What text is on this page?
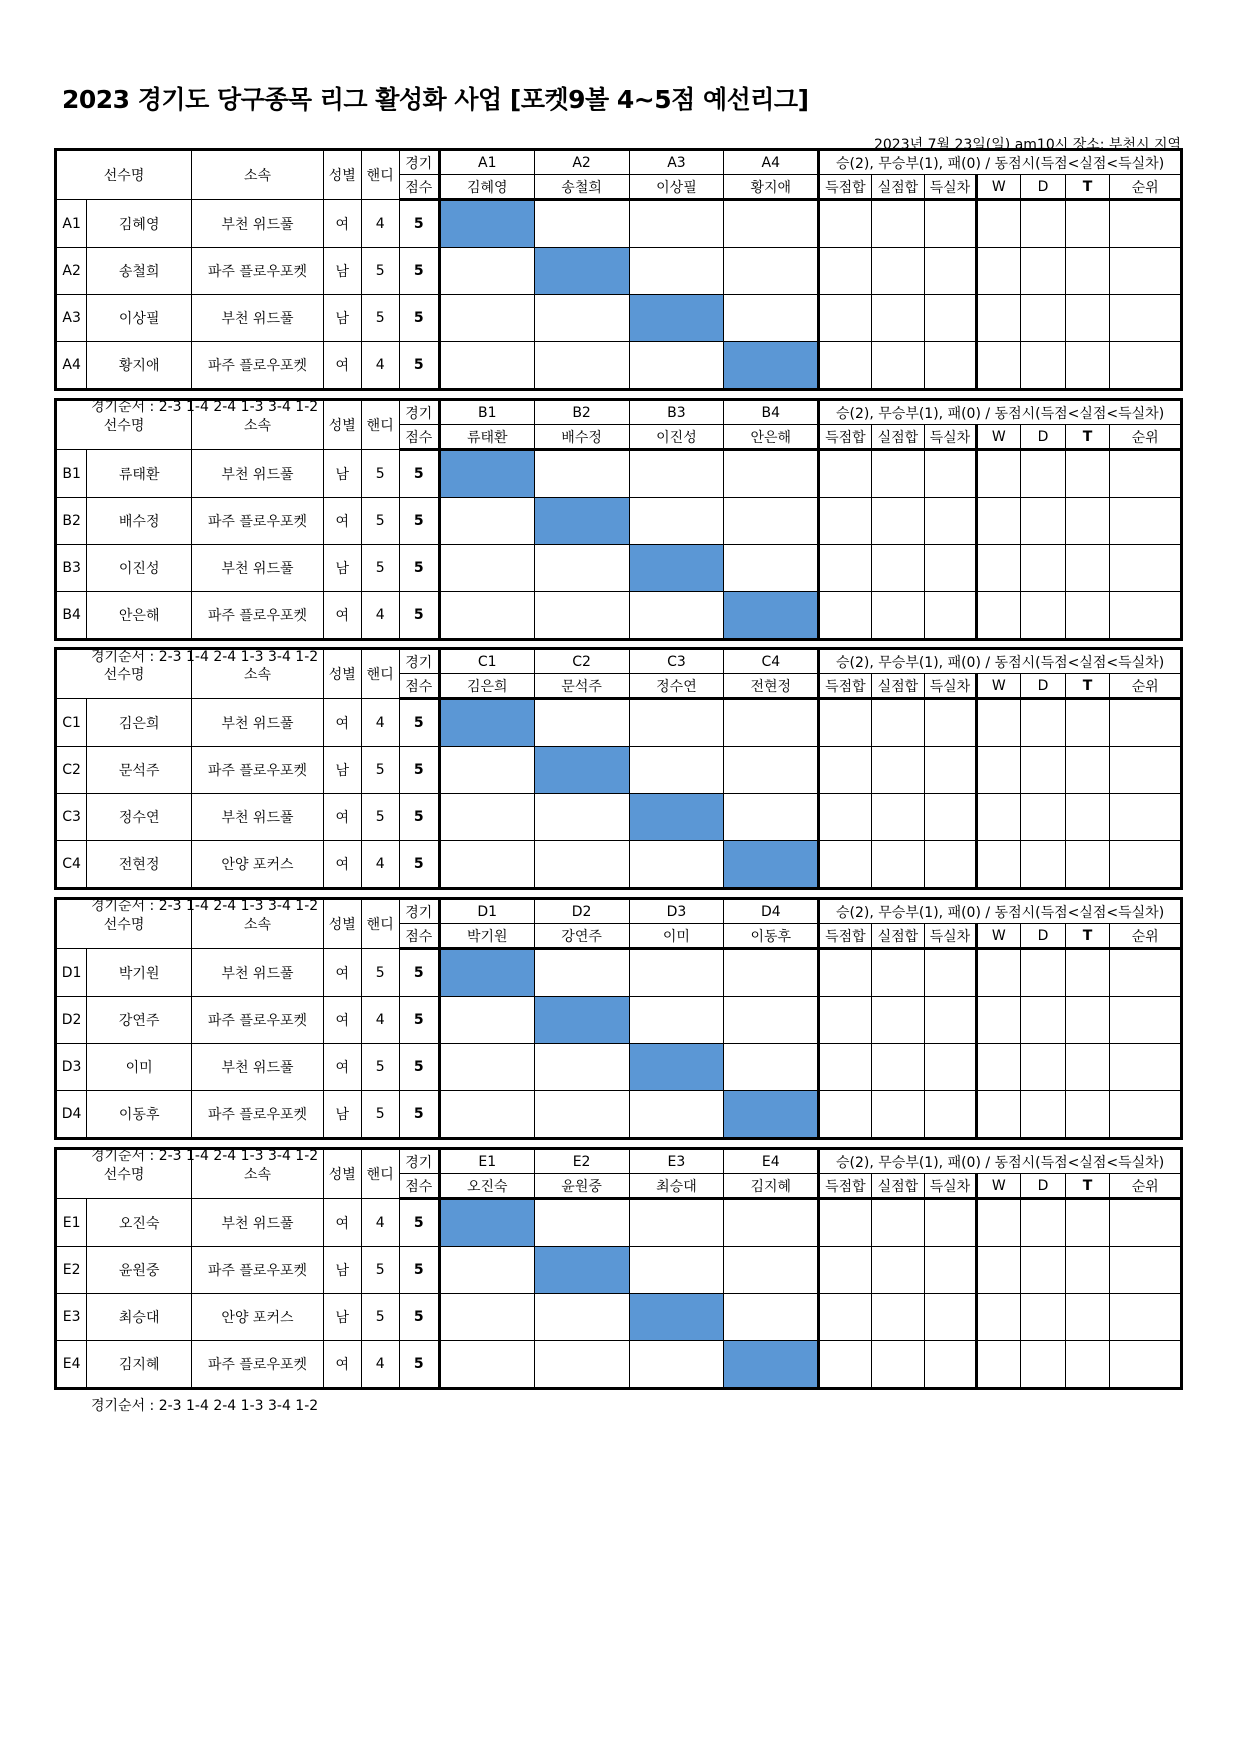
2023 경기도 당구종목 리그 활성화 사업 [포켓9볼 4~5점 예선리그]
2023년 7월 23일(일) am10시 장소: 부천시 지역
선수명		소속	성별	핸디	경기	A1	A2	A3	A4	승(2), 무승부(1), 패(0) / 동점시(득점<실점<득실차)						
					점수	김혜영	송철희	이상필	황지애	득점합	실점합	득실차	W	D	T	순위
A1	김혜영	부천 위드풀	여	4	5											
A2	송철희	파주 플로우포켓	남	5	5											
A3	이상필	부천 위드풀	남	5	5											
A4	황지애	파주 플로우포켓	여	4	5											
경기순서 : 2-3 1-4 2-4 1-3 3-4 1-2
선수명		소속	성별	핸디	경기	B1	B2	B3	B4	승(2), 무승부(1), 패(0) / 동점시(득점<실점<득실차)						
					점수	류태환	배수정	이진성	안은해	득점합	실점합	득실차	W	D	T	순위
B1	류태환	부천 위드풀	남	5	5											
B2	배수정	파주 플로우포켓	여	5	5											
B3	이진성	부천 위드풀	남	5	5											
B4	안은해	파주 플로우포켓	여	4	5											
경기순서 : 2-3 1-4 2-4 1-3 3-4 1-2
선수명		소속	성별	핸디	경기	C1	C2	C3	C4	승(2), 무승부(1), 패(0) / 동점시(득점<실점<득실차)						
					점수	김은희	문석주	정수연	전현정	득점합	실점합	득실차	W	D	T	순위
C1	김은희	부천 위드풀	여	4	5											
C2	문석주	파주 플로우포켓	남	5	5											
C3	정수연	부천 위드풀	여	5	5											
C4	전현정	안양 포커스	여	4	5											
경기순서 : 2-3 1-4 2-4 1-3 3-4 1-2
선수명		소속	성별	핸디	경기	D1	D2	D3	D4	승(2), 무승부(1), 패(0) / 동점시(득점<실점<득실차)						
					점수	박기원	강연주	이미	이동후	득점합	실점합	득실차	W	D	T	순위
D1	박기원	부천 위드풀	여	5	5											
D2	강연주	파주 플로우포켓	여	4	5											
D3	이미	부천 위드풀	여	5	5											
D4	이동후	파주 플로우포켓	남	5	5											
경기순서 : 2-3 1-4 2-4 1-3 3-4 1-2
선수명		소속	성별	핸디	경기	E1	E2	E3	E4	승(2), 무승부(1), 패(0) / 동점시(득점<실점<득실차)						
					점수	오진숙	윤원중	최승대	김지혜	득점합	실점합	득실차	W	D	T	순위
E1	오진숙	부천 위드풀	여	4	5											
E2	윤원중	파주 플로우포켓	남	5	5											
E3	최승대	안양 포커스	남	5	5											
E4	김지혜	파주 플로우포켓	여	4	5											
경기순서 : 2-3 1-4 2-4 1-3 3-4 1-2
